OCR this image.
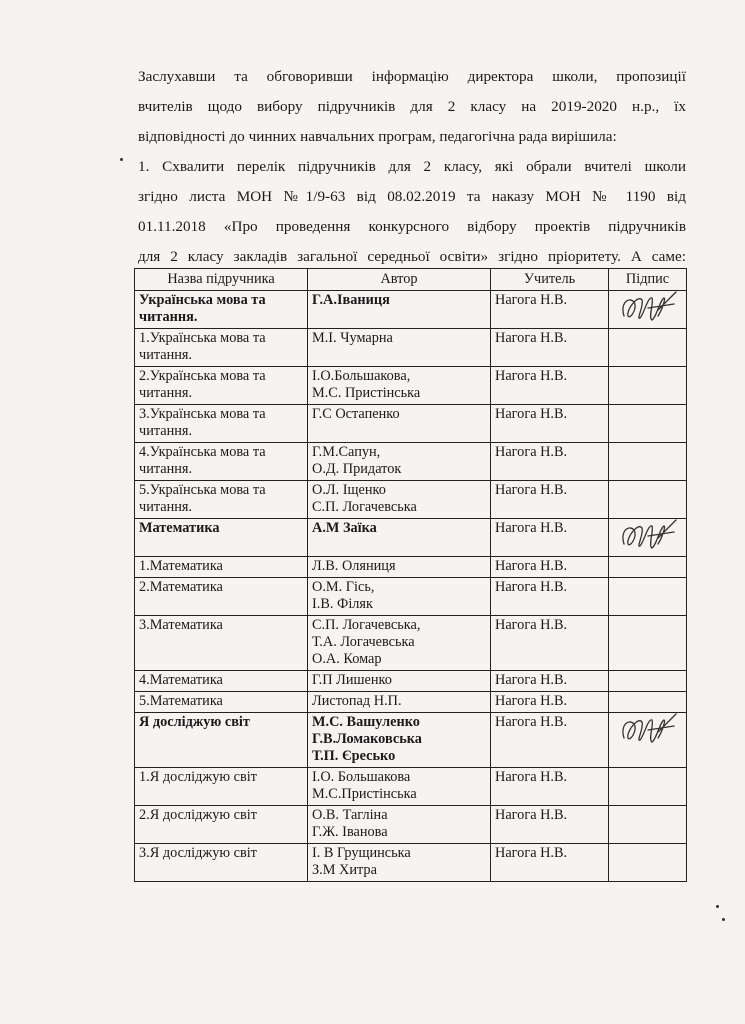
Заслухавши та обговоривши інформацію директора школи, пропозиції
вчителів щодо вибору підручників для 2 класу на 2019-2020 н.р., їх
відповідності до чинних навчальних програм, педагогічна рада вирішила:

1. Схвалити перелік підручників для 2 класу, які обрали вчителі школи
згідно листа МОН №1/9-63 від 08.02.2019 та наказу МОН № 1190 від
01.11.2018 «Про проведення конкурсного відбору проектів підручників
для 2 класу закладів загальної середньої освіти» згідно пріоритету. А саме:

Назва підручника	Автор	Учитель	Підпис
Українська мова та
читання.	Г.А.Іваниця	Нагога Н.В.	

1.Українська мова та
читання.	М.І. Чумарна	Нагога Н.В.	
2.Українська мова та
читання.	І.О.Большакова,
М.С. Пристінська	Нагога Н.В.	
3.Українська мова та
читання.	Г.С Остапенко	Нагога Н.В.	
4.Українська мова та
читання.	Г.М.Сапун,
О.Д. Придаток	Нагога Н.В.	
5.Українська мова та
читання.	О.Л. Іщенко
С.П. Логачевська	Нагога Н.В.	
Математика	А.М Заїка	Нагога Н.В.	

1.Математика	Л.В. Оляниця	Нагога Н.В.	
2.Математика	О.М. Гісь,
І.В. Філяк	Нагога Н.В.	
3.Математика	С.П. Логачевська,
Т.А. Логачевська
О.А. Комар	Нагога Н.В.	
4.Математика	Г.П Лишенко	Нагога Н.В.	
5.Математика	Листопад Н.П.	Нагога Н.В.	
Я досліджую світ	М.С. Вашуленко
Г.В.Ломаковська
Т.П. Єресько	Нагога Н.В.	

1.Я досліджую світ	І.О. Большакова
М.С.Пристінська	Нагога Н.В.	
2.Я досліджую світ	О.В. Тагліна
Г.Ж. Іванова	Нагога Н.В.	
3.Я досліджую світ	І. В Грущинська
З.М Хитра	Нагога Н.В.	
